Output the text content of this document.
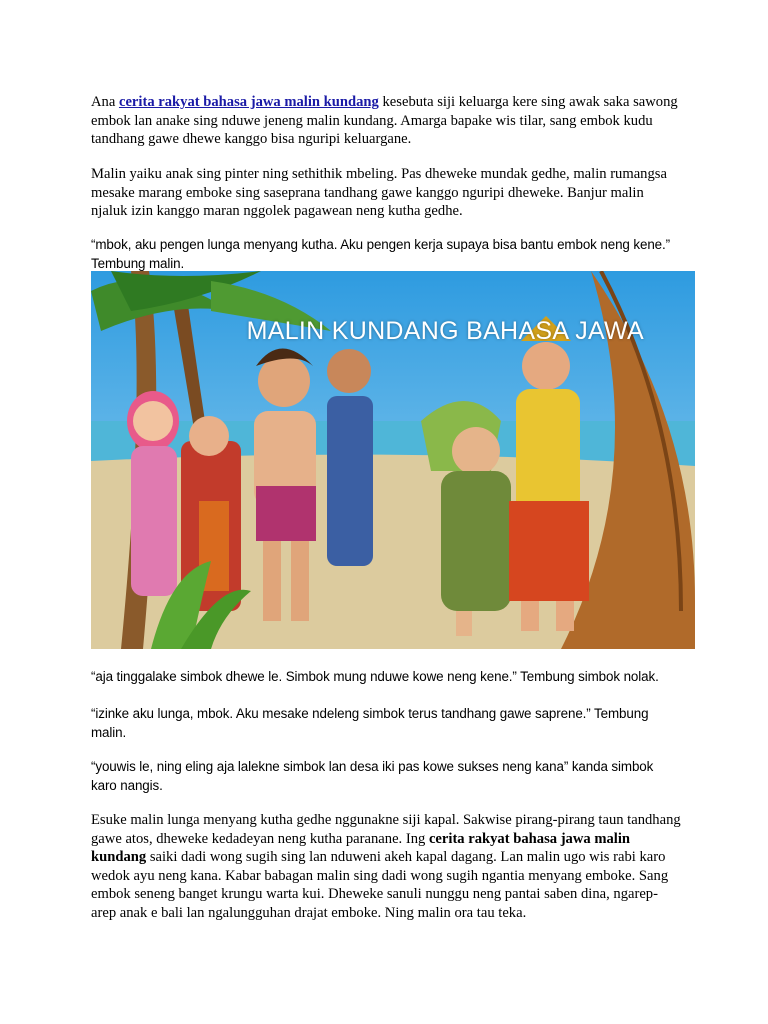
Ana cerita rakyat bahasa jawa malin kundang kesebuta siji keluarga kere sing awak saka sawong embok lan anake sing nduwe jeneng malin kundang. Amarga bapake wis tilar, sang embok kudu tandhang gawe dhewe kanggo bisa nguripi keluargane.

Malin yaiku anak sing pinter ning sethithik mbeling. Pas dheweke mundak gedhe, malin rumangsa mesake marang emboke sing saseprana tandhang gawe kanggo nguripi dheweke. Banjur malin njaluk izin kanggo maran nggolek pagawean neng kutha gedhe.

“mbok, aku pengen lunga menyang kutha. Aku pengen kerja supaya bisa bantu embok neng kene.” Tembung malin.

MALIN KUNDANG BAHASA JAWA

“aja tinggalake simbok dhewe le. Simbok mung nduwe kowe neng kene.” Tembung simbok nolak.

“izinke aku lunga, mbok. Aku mesake ndeleng simbok terus tandhang gawe saprene.” Tembung malin.

“youwis le, ning eling aja lalekne simbok lan desa iki pas kowe sukses neng kana” kanda simbok karo nangis.

Esuke malin lunga menyang kutha gedhe nggunakne siji kapal. Sakwise pirang-pirang taun tandhang gawe atos, dheweke kedadeyan neng kutha paranane. Ing cerita rakyat bahasa jawa malin kundang saiki dadi wong sugih sing lan nduweni akeh kapal dagang. Lan malin ugo wis rabi karo wedok ayu neng kana. Kabar babagan malin sing dadi wong sugih ngantia menyang emboke. Sang embok seneng banget krungu warta kui. Dheweke sanuli nunggu neng pantai saben dina, ngarep-arep anak e bali lan ngalungguhan drajat emboke. Ning malin ora tau teka.
